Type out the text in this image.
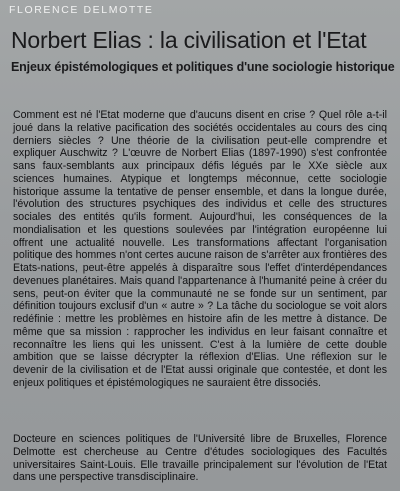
FLORENCE DELMOTTE
Norbert Elias : la civilisation et l'Etat
Enjeux épistémologiques et politiques d'une sociologie historique

Comment est né l'Etat moderne que d'aucuns disent en crise ? Quel rôle a-t-il joué dans la relative pacification des sociétés occidentales au cours des cinq derniers siècles ? Une théorie de la civilisation peut-elle comprendre et expliquer Auschwitz ? L'œuvre de Norbert Elias (1897-1990) s'est confrontée sans faux-semblants aux principaux défis légués par le XXe siècle aux sciences humaines. Atypique et longtemps méconnue, cette sociologie historique assume la tentative de penser ensemble, et dans la longue durée, l'évolution des structures psychiques des individus et celle des structures sociales des entités qu'ils forment. Aujourd'hui, les conséquences de la mondialisation et les questions soulevées par l'intégration européenne lui offrent une actualité nouvelle. Les transformations affectant l'organisation politique des hommes n'ont certes aucune raison de s'arrêter aux frontières des Etats-nations, peut-être appelés à disparaître sous l'effet d'interdépendances devenues planétaires. Mais quand l'appartenance à l'humanité peine à créer du sens, peut-on éviter que la communauté ne se fonde sur un sentiment, par définition toujours exclusif d'un « autre » ? La tâche du sociologue se voit alors redéfinie : mettre les problèmes en histoire afin de les mettre à distance. De même que sa mission : rapprocher les individus en leur faisant connaître et reconnaître les liens qui les unissent. C'est à la lumière de cette double ambition que se laisse décrypter la réflexion d'Elias. Une réflexion sur le devenir de la civilisation et de l'Etat aussi originale que contestée, et dont les enjeux politiques et épistémologiques ne sauraient être dissociés.

Docteure en sciences politiques de l'Université libre de Bruxelles, Florence Delmotte est chercheuse au Centre d'études sociologiques des Facultés universitaires Saint-Louis. Elle travaille principalement sur l'évolution de l'Etat dans une perspective transdisciplinaire.
